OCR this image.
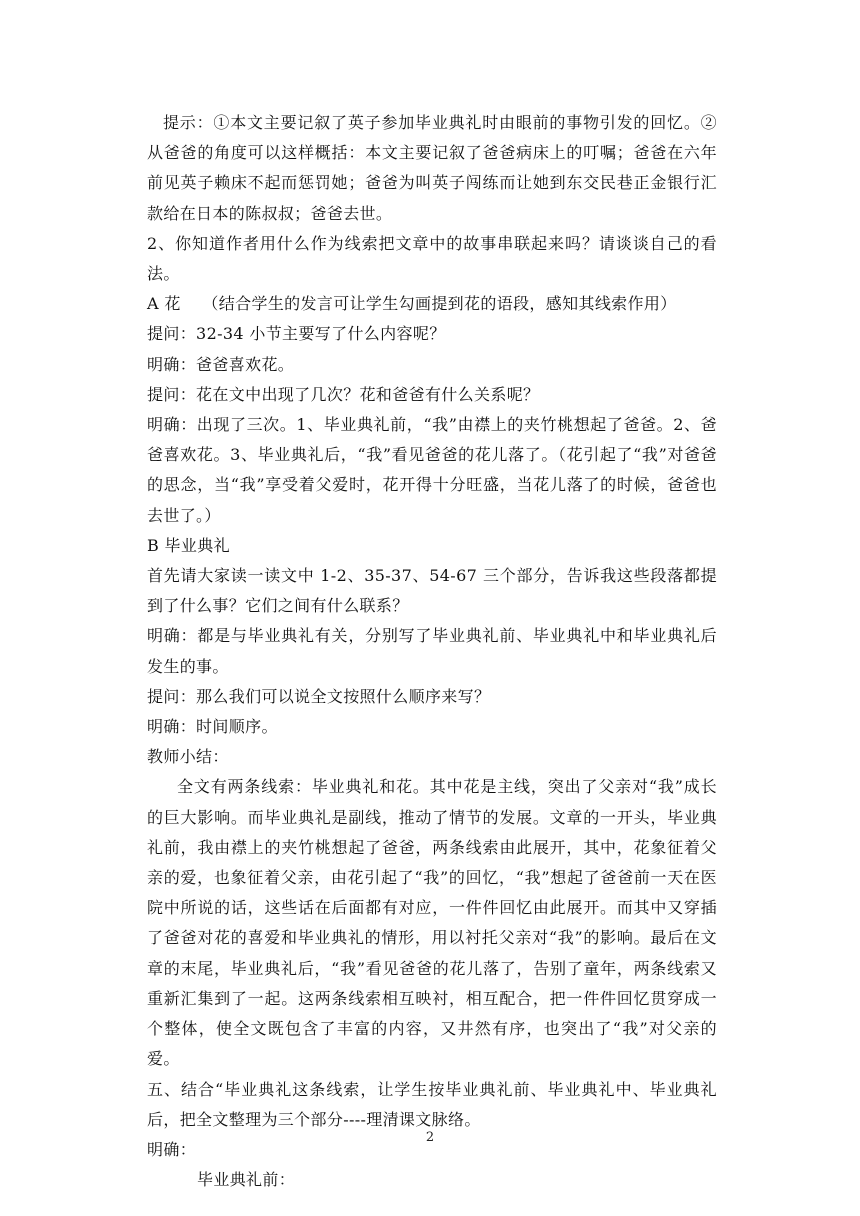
提示：①本文主要记叙了英子参加毕业典礼时由眼前的事物引发的回忆。②从爸爸的角度可以这样概括：本文主要记叙了爸爸病床上的叮嘱；爸爸在六年前见英子赖床不起而惩罚她；爸爸为叫英子闯练而让她到东交民巷正金银行汇款给在日本的陈叔叔；爸爸去世。

2、你知道作者用什么作为线索把文章中的故事串联起来吗？请谈谈自己的看法。

A 花    （结合学生的发言可让学生勾画提到花的语段，感知其线索作用）

提问：32-34 小节主要写了什么内容呢？

明确：爸爸喜欢花。

提问：花在文中出现了几次？花和爸爸有什么关系呢？

明确：出现了三次。1、毕业典礼前，“我”由襟上的夹竹桃想起了爸爸。2、爸爸喜欢花。3、毕业典礼后，“我”看见爸爸的花儿落了。（花引起了“我”对爸爸的思念，当“我”享受着父爱时，花开得十分旺盛，当花儿落了的时候，爸爸也去世了。）

B 毕业典礼

首先请大家读一读文中 1-2、35-37、54-67 三个部分，告诉我这些段落都提到了什么事？它们之间有什么联系？

明确：都是与毕业典礼有关，分别写了毕业典礼前、毕业典礼中和毕业典礼后发生的事。

提问：那么我们可以说全文按照什么顺序来写？

明确：时间顺序。

教师小结：

全文有两条线索：毕业典礼和花。其中花是主线，突出了父亲对“我”成长的巨大影响。而毕业典礼是副线，推动了情节的发展。文章的一开头，毕业典礼前，我由襟上的夹竹桃想起了爸爸，两条线索由此展开，其中，花象征着父亲的爱，也象征着父亲，由花引起了“我”的回忆，“我”想起了爸爸前一天在医院中所说的话，这些话在后面都有对应，一件件回忆由此展开。而其中又穿插了爸爸对花的喜爱和毕业典礼的情形，用以衬托父亲对“我”的影响。最后在文章的末尾，毕业典礼后，“我”看见爸爸的花儿落了，告别了童年，两条线索又重新汇集到了一起。这两条线索相互映衬，相互配合，把一件件回忆贯穿成一个整体，使全文既包含了丰富的内容，又井然有序，也突出了“我”对父亲的爱。

五、结合“毕业典礼这条线索，让学生按毕业典礼前、毕业典礼中、毕业典礼后，把全文整理为三个部分----理清课文脉络。

明确：

毕业典礼前：

2
